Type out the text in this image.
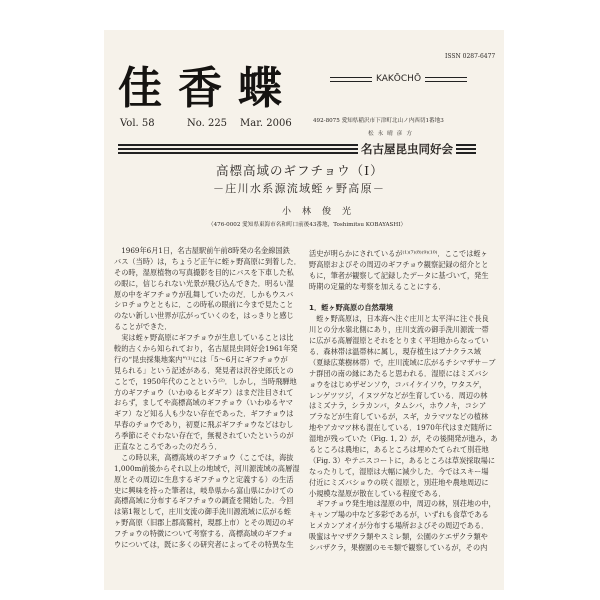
ISSN 0287-6477
佳香蝶	KAKŌCHŌ
Vol. 58	No. 225 Mar. 2006	492-8075 愛知県稲沢市下津町北山ノ内西切1番地3
松永晴彦方
名古屋昆虫同好会
高標高域のギフチョウ（Ⅰ）
－庄川水系源流域蛭ヶ野高原－
小林俊光
（476-0002 愛知県東海市名和町口前後43番地，Toshimitsu KOBAYASHI）
　1969年6月1日，名古屋駅前午前8時発の名金線国鉄
バス（当時）は，ちょうど正午に蛭ヶ野高原に到着した．
その時，湿原植物の写真撮影を目的にバスを下車した私
の眼に，信じられない光景が飛び込んできた．明るい湿
原の中をギフチョウが乱舞していたのだ．しかもウスバ
シロチョウとともに．この時私の眼前に今まで見たこと
のない新しい世界が広がっていくのを，はっきりと感じ
ることができた．
　実は蛭ヶ野高原にギフチョウが生息していることは比
較的古くから知られており，名古屋昆虫同好会1961年発
行の“昆虫採集地案内”⁽¹⁾には「5～6月にギフチョウが
見られる」という記述がある．発見者は沢谷史郎氏との
ことで，1950年代のことという⁽²⁾．しかし，当時飛騨地
方のギフチョウ（いわゆるヒダギフ）はまだ注目されて
おらず，ましてや高標高域のギフチョウ（いわゆるヤマ
ギフ）など知る人も少ない存在であった．ギフチョウは
早春のチョウであり，初夏に飛ぶギフチョウなどはむし
ろ季節にそぐわない存在で，無視されていたというのが
正直なところであったのだろう．
　この時以来，高標高域のギフチョウ（ここでは，海抜
1,000m前後からそれ以上の地域で，河川源流域の高層湿
原とその周辺に生息するギフチョウと定義する）の生活
史に興味を持った筆者は，岐阜県から富山県にかけての
高標高域に分布するギフチョウの調査を開始した．今回
は第1報として，庄川支流の御手洗川源流域に広がる蛭
ヶ野高原（旧郡上郡高鷲村，現郡上市）とその周辺のギ
フチョウの特徴について考察する．高標高域のギフチョ
ウについては，既に多くの研究者によってその特異な生
活史が明らかにされているが⁽¹⁾⁽⁷⁾⁽⁸⁾⁽⁹⁾⁽¹⁰⁾．ここでは蛭ヶ
野高原およびその周辺のギフチョウ観察記録の紹介とと
もに，筆者が観察して記録したデータに基づいて，発生
時期の定量的な考察を加えることにする．
1．蛭ヶ野高原の自然環境
　蛭ヶ野高原は，日本海へ注ぐ庄川と太平洋に注ぐ長良
川との分水嶺北側にあり，庄川支流の御手洗川源流一帯
に広がる高層湿原とそれをとりまく平坦地からなってい
る．森林帯は温帯林に属し，現存植生はブナクラス域
（夏緑広葉樹林帯）で，庄川流域に広がるチシマザサ－ブ
ナ群団の南の縁にあたると思われる．湿原にはミズバシ
ョウをはじめザゼンソウ，コバイケイソウ，ワタスゲ，
レンゲツツジ，イヌツゲなどが生育している．周辺の林
はミズナラ，シラカンバ，タムシバ，ホウノキ，コシア
ブラなどが生育しているが，スギ，カラマツなどの植林
地やアカマツ林も混在している．1970年代はまだ随所に
湿地が残っていた（Fig. 1, 2）が，その後開発が進み，あ
るところは農地に，あるところは埋めたてられて別荘地
（Fig. 3）やテニスコートに，あるところは草炭採取場に
なったりして，湿原は大幅に減少した．今ではスキー場
付近にミズバショウの咲く湿原と，別荘地や農地周辺に
小規模な湿原が散在している程度である．
　ギフチョウ発生地は湿原の中，周辺の林，別荘地の中，
キャンプ場の中など多彩であるが，いずれも食草である
ヒメカンアオイが分布する場所およびその周辺である．
吸蜜はヤマザクラ類やスミレ類，公園のケエザクラ類や
シバザクラ，果樹園のモモ類で観察しているが，その内
